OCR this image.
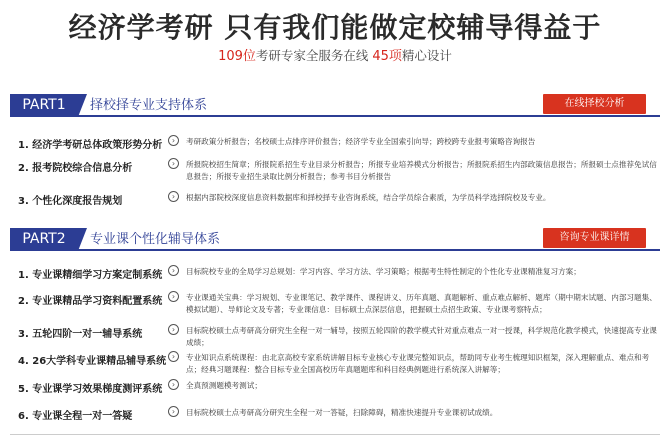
经济学考研 只有我们能做定校辅导得益于
109位考研专家全服务在线 45项精心设计
PART1	择校择专业支持体系	在线择校分析
1. 经济学考研总体政策形势分析	›	考研政策分析报告；名校硕士点排序评价报告；经济学专业全国索引向导；跨校跨专业报考策略咨询报告
2. 报考院校综合信息分析	›	所报院校招生简章；所报院系招生专业目录分析报告；所报专业培养模式分析报告；所报院系招生内部政策信息报告；所报硕士点推荐免试信息报告；所报专业招生录取比例分析报告；参考书目分析报告
3. 个性化深度报告规划	›	根据内部院校深度信息资料数据库和择校择专业咨询系统，结合学员综合素质，为学员科学选择院校及专业。
PART2	专业课个性化辅导体系	咨询专业课详情
1. 专业课精细学习方案定制系统	›	目标院校专业的全局学习总规划：学习内容、学习方法、学习策略；根据考生特性制定的个性化专业课精准复习方案；
2. 专业课精品学习资料配置系统	›	专业课通关宝典：学习规划、专业课笔记、教学课件、课程讲义、历年真题、真题解析、重点难点解析、题库（期中期末试题、内部习题集、模拟试题）、导师论文及专著；专业课信息：目标硕士点深层信息，把握硕士点招生政策、专业课考察特点；
3. 五轮四阶一对一辅导系统	›	目标院校硕士点考研高分研究生全程一对一辅导，按照五轮四阶的教学模式针对重点难点一对一授课，科学规范化教学模式，快速提高专业课成绩；
4. 26大学科专业课精品辅导系统 ›	专业知识点系统课程：由北京高校专家系统讲解目标专业核心专业课完整知识点，帮助同专业考生梳理知识框架，深入理解重点、难点和考点；经典习题课程：整合目标专业全国高校历年真题题库和科目经典例题进行系统深入讲解等；
5. 专业课学习效果梯度测评系统	›	全真预测题模考测试；
6. 专业课全程一对一答疑	›	目标院校硕士点考研高分研究生全程一对一答疑，扫除障碍，精准快速提升专业课初试成绩。
